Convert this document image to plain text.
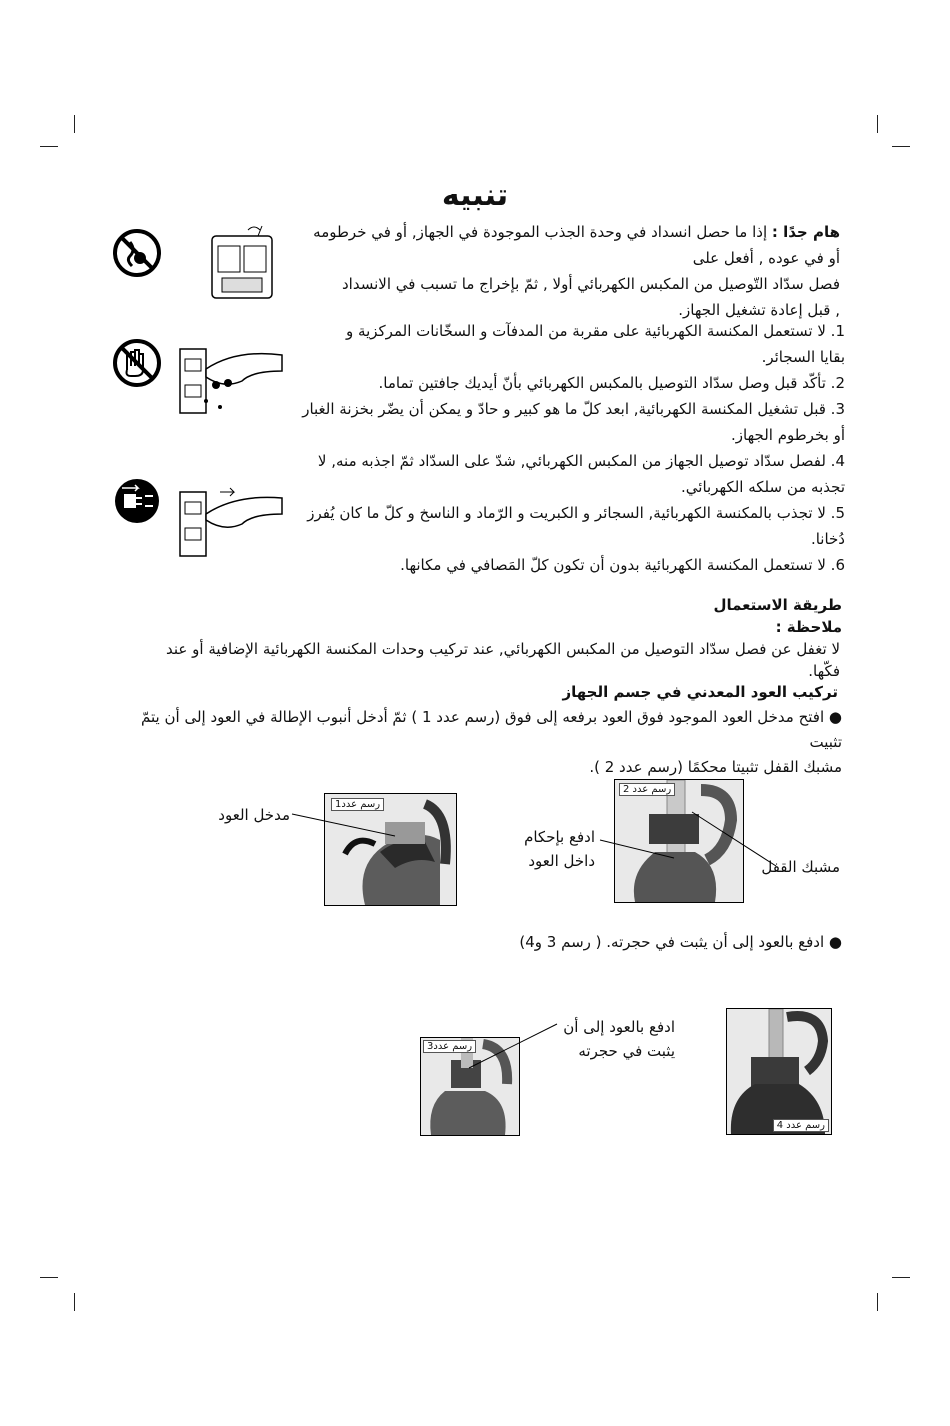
تنبيه
هام جدًا : إذا ما حصل انسداد في وحدة الجذب الموجودة في الجهاز, أو في خرطومه
أو في عوده , أفعل على
فصل سدّاد التّوصيل من المكبس الكهربائي أولا , ثمّ بإخراج ما تسبب في الانسداد
, قبل إعادة تشغيل الجهاز.
1. لا تستعمل المكنسة الكهربائية على مقربة من المدفآت و السخّانات المركزية و
بقايا السجائر.
2. تأكّد قبل وصل سدّاد التوصيل بالمكبس الكهربائي بأنّ أيديك جافتين تماما.
3. قبل تشغيل المكنسة الكهربائية, ابعد كلّ ما هو كبير و حادّ و يمكن أن يضّر بخزنة الغبار
أو بخرطوم الجهاز.
4. لفصل سدّاد توصيل الجهاز من المكبس الكهربائي, شدّ على السدّاد ثمّ اجذبه منه, لا
تجذبه من سلكه الكهربائي.
5. لا تجذب بالمكنسة الكهربائية, السجائر و الكبريت و الرّماد و الناسخ و كلّ ما كان يُفرز
دُخانا.
6. لا تستعمل المكنسة الكهربائية بدون أن تكون كلّ المَصافي في مكانها.
طريقة الاستعمال
ملاحظة :
لا تغفل عن فصل سدّاد التوصيل من المكبس الكهربائي, عند تركيب وحدات المكنسة الكهربائية الإضافية أو عند فكّها.
تركيب العود المعدني في جسم الجهاز
● افتح مدخل العود الموجود فوق العود برفعه إلى فوق (رسم عدد 1 ) ثمّ أدخل أنبوب الإطالة في العود إلى أن يتمّ تثبيت
مشبك القفل تثبيتا محكمًا (رسم عدد 2 ).
رسم عدد1
مدخل العود
رسم عدد 2
ادفع بإحكام
داخل العود	مشبك القفل
● ادفع بالعود إلى أن يثبت في حجرته. ( رسم 3 و4)
رسم عدد3
ادفع بالعود إلى أن
يثبت في حجرته
رسم عدد 4
